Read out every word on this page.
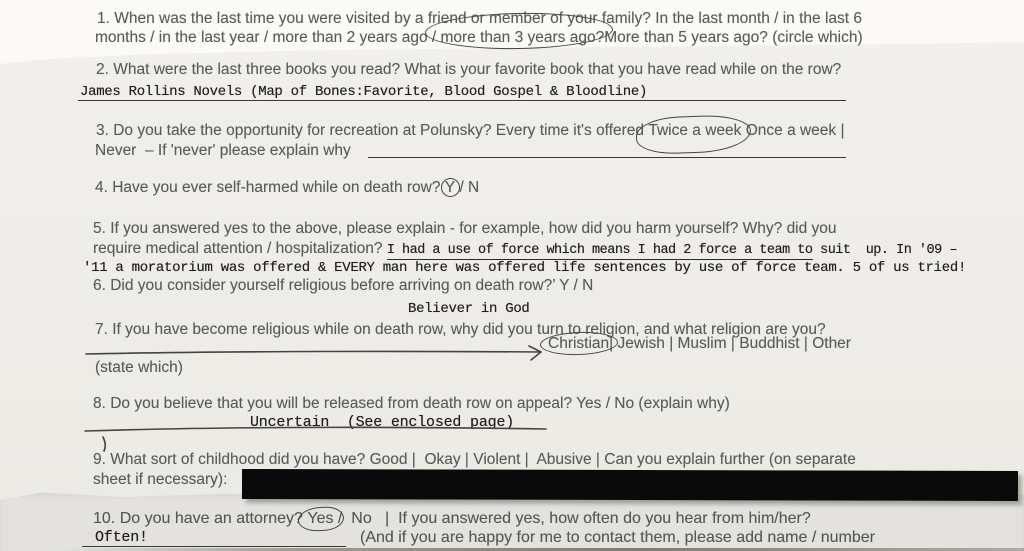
1. When was the last time you were visited by a friend or member of your family? In the last month / in the last 6
months / in the last year / more than 2 years ago / more than 3 years ago?More than 5 years ago? (circle which)
2. What were the last three books you read? What is your favorite book that you have read while on the row?
James Rollins Novels (Map of Bones:Favorite, Blood Gospel & Bloodline)
3. Do you take the opportunity for recreation at Polunsky? Every time it's offered Twice a week Once a week |
Never  – If 'never' please explain why
4. Have you ever self-harmed while on death row? Y / N
5. If you answered yes to the above, please explain - for example, how did you harm yourself? Why? did you
require medical attention / hospitalization? I had a use of force which means I had 2 force a team to suit  up. In '09 –
'11 a moratorium was offered & EVERY man here was offered life sentences by use of force team. 5 of us tried!
6. Did you consider yourself religious before arriving on death row?’ Y / N
Believer in God
7. If you have become religious while on death row, why did you turn to religion, and what religion are you?
Christian| Jewish | Muslim | Buddhist | Other
(state which)
8. Do you believe that you will be released from death row on appeal? Yes / No (explain why)
Uncertain  (See enclosed page)
9. What sort of childhood did you have? Good |  Okay | Violent |  Abusive | Can you explain further (on separate
sheet if necessary):
10. Do you have an attorney? Yes /  No   |  If you answered yes, how often do you hear from him/her?
Often!	(And if you are happy for me to contact them, please add name / number
